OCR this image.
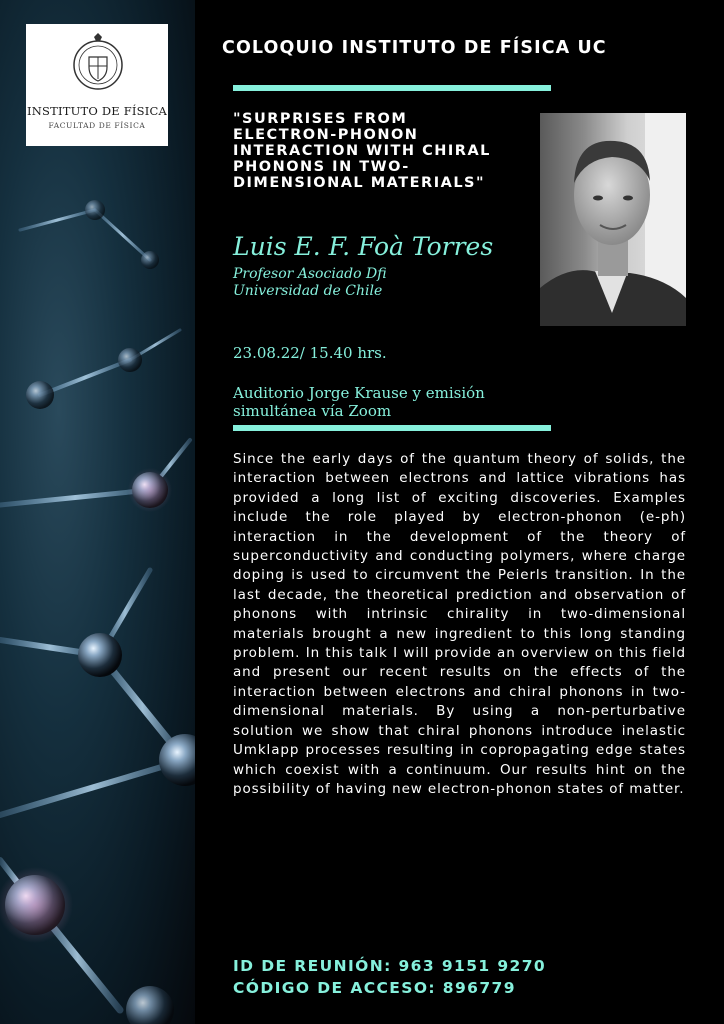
INSTITUTO DE FÍSICA
FACULTAD DE FÍSICA
COLOQUIO INSTITUTO DE FÍSICA UC
"SURPRISES FROM
ELECTRON-PHONON
INTERACTION WITH CHIRAL
PHONONS IN TWO-
DIMENSIONAL MATERIALS"
Luis E. F. Foà Torres
Profesor Asociado Dfi
Universidad de Chile
23.08.22/ 15.40 hrs.
Auditorio Jorge Krause y emisión
simultánea vía Zoom

Since the early days of the quantum theory of solids, the interaction between electrons and lattice vibrations has provided a long list of exciting discoveries. Examples include the role played by electron-phonon (e-ph) interaction in the development of the theory of superconductivity and conducting polymers, where charge doping is used to circumvent the Peierls transition. In the last decade, the theoretical prediction and observation of phonons with intrinsic chirality in two-dimensional materials brought a new ingredient to this long standing problem. In this talk I will provide an overview on this field and present our recent results on the effects of the interaction between electrons and chiral phonons in two-dimensional materials. By using a non-perturbative solution we show that chiral phonons introduce inelastic Umklapp processes resulting in copropagating edge states which coexist with a continuum. Our results hint on the possibility of having new electron-phonon states of matter.

ID DE REUNIÓN: 963 9151 9270
CÓDIGO DE ACCESO: 896779
